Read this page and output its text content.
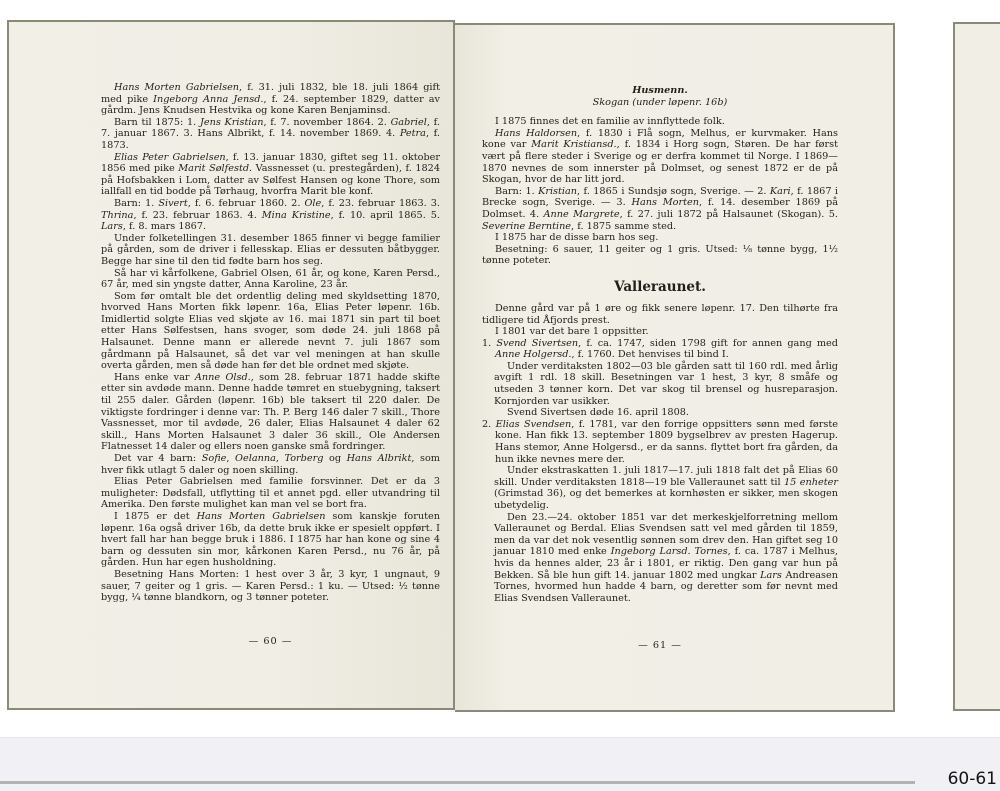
Hans Morten Gabrielsen, f. 31. juli 1832, ble 18. juli 1864 gift med pike Ingeborg Anna Jensd., f. 24. september 1829, datter av gårdm. Jens Knudsen Hestvika og kone Karen Benjaminsd.
Barn til 1875: 1. Jens Kristian, f. 7. november 1864. 2. Gabriel, f. 7. januar 1867. 3. Hans Albrikt, f. 14. november 1869. 4. Petra, f. 1873.
Elias Peter Gabrielsen, f. 13. januar 1830, giftet seg 11. oktober 1856 med pike Marit Sølfestd. Vassnesset (u. prestegården), f. 1824 på Hofsbakken i Lom, datter av Sølfest Hansen og kone Thore, som iallfall en tid bodde på Tørhaug, hvorfra Marit ble konf.
Barn: 1. Sivert, f. 6. februar 1860. 2. Ole, f. 23. februar 1863. 3. Thrina, f. 23. februar 1863. 4. Mina Kristine, f. 10. april 1865. 5. Lars, f. 8. mars 1867.
Under folketellingen 31. desember 1865 finner vi begge familier på gården, som de driver i fellesskap. Elias er dessuten båtbygger. Begge har sine til den tid fødte barn hos seg.
Så har vi kårfolkene, Gabriel Olsen, 61 år, og kone, Karen Persd., 67 år, med sin yngste datter, Anna Karoline, 23 år.
Som før omtalt ble det ordentlig deling med skyldsetting 1870, hvorved Hans Morten fikk løpenr. 16a, Elias Peter løpenr. 16b. Imidlertid solgte Elias ved skjøte av 16. mai 1871 sin part til boet etter Hans Sølfestsen, hans svoger, som døde 24. juli 1868 på Halsaunet. Denne mann er allerede nevnt 7. juli 1867 som gårdmann på Halsaunet, så det var vel meningen at han skulle overta gården, men så døde han før det ble ordnet med skjøte.
Hans enke var Anne Olsd., som 28. februar 1871 hadde skifte etter sin avdøde mann. Denne hadde tømret en stuebygning, taksert til 255 daler. Gården (løpenr. 16b) ble taksert til 220 daler. De viktigste fordringer i denne var: Th. P. Berg 146 daler 7 skill., Thore Vassnesset, mor til avdøde, 26 daler, Elias Halsaunet 4 daler 62 skill., Hans Morten Halsaunet 3 daler 36 skill., Ole Andersen Flatnesset 14 daler og ellers noen ganske små fordringer.
Det var 4 barn: Sofie, Oelanna, Torberg og Hans Albrikt, som hver fikk utlagt 5 daler og noen skilling.
Elias Peter Gabrielsen med familie forsvinner. Det er da 3 muligheter: Dødsfall, utflytting til et annet pgd. eller utvandring til Amerika. Den første mulighet kan man vel se bort fra.
I 1875 er det Hans Morten Gabrielsen som kanskje foruten løpenr. 16a også driver 16b, da dette bruk ikke er spesielt oppført. I hvert fall har han begge bruk i 1886. I 1875 har han kone og sine 4 barn og dessuten sin mor, kårkonen Karen Persd., nu 76 år, på gården. Hun har egen husholdning.
Besetning Hans Morten: 1 hest over 3 år, 3 kyr, 1 ungnaut, 9 sauer, 7 geiter og 1 gris. — Karen Persd.: 1 ku. — Utsed: ½ tønne bygg, ¼ tønne blandkorn, og 3 tønner poteter.
— 60 —
Husmenn.
Skogan (under løpenr. 16b)
I 1875 finnes det en familie av innflyttede folk.
Hans Haldorsen, f. 1830 i Flå sogn, Melhus, er kurvmaker. Hans kone var Marit Kristiansd., f. 1834 i Horg sogn, Støren. De har først vært på flere steder i Sverige og er derfra kommet til Norge. I 1869—1870 nevnes de som innerster på Dolmset, og senest 1872 er de på Skogan, hvor de har litt jord.
Barn: 1. Kristian, f. 1865 i Sundsjø sogn, Sverige. — 2. Kari, f. 1867 i Brecke sogn, Sverige. — 3. Hans Morten, f. 14. desember 1869 på Dolmset. 4. Anne Margrete, f. 27. juli 1872 på Halsaunet (Skogan). 5. Severine Berntine, f. 1875 samme sted.
I 1875 har de disse barn hos seg.
Besetning: 6 sauer, 11 geiter og 1 gris. Utsed: ⅛ tønne bygg, 1½ tønne poteter.
Valleraunet.
Denne gård var på 1 øre og fikk senere løpenr. 17. Den tilhørte fra tidligere tid Åfjords prest.
I 1801 var det bare 1 oppsitter.
1. Svend Sivertsen, f. ca. 1747, siden 1798 gift for annen gang med Anne Holgersd., f. 1760. Det henvises til bind I.
Under verditaksten 1802—03 ble gården satt til 160 rdl. med årlig avgift 1 rdl. 18 skill. Besetningen var 1 hest, 3 kyr, 8 småfe og utseden 3 tønner korn. Det var skog til brensel og husreparasjon. Kornjorden var usikker.
Svend Sivertsen døde 16. april 1808.
2. Elias Svendsen, f. 1781, var den forrige oppsitters sønn med første kone. Han fikk 13. september 1809 bygselbrev av presten Hagerup. Hans stemor, Anne Holgersd., er da sanns. flyttet bort fra gården, da hun ikke nevnes mere der.
Under ekstraskatten 1. juli 1817—17. juli 1818 falt det på Elias 60 skill. Under verditaksten 1818—19 ble Valleraunet satt til 15 enheter (Grimstad 36), og det bemerkes at kornhøsten er sikker, men skogen ubetydelig.
Den 23.—24. oktober 1851 var det merkeskjelforretning mellom Valleraunet og Berdal. Elias Svendsen satt vel med gården til 1859, men da var det nok vesentlig sønnen som drev den. Han giftet seg 10 januar 1810 med enke Ingeborg Larsd. Tornes, f. ca. 1787 i Melhus, hvis da hennes alder, 23 år i 1801, er riktig. Den gang var hun på Bekken. Så ble hun gift 14. januar 1802 med ungkar Lars Andreasen Tornes, hvormed hun hadde 4 barn, og deretter som før nevnt med Elias Svendsen Valleraunet.
— 61 —
60-61
